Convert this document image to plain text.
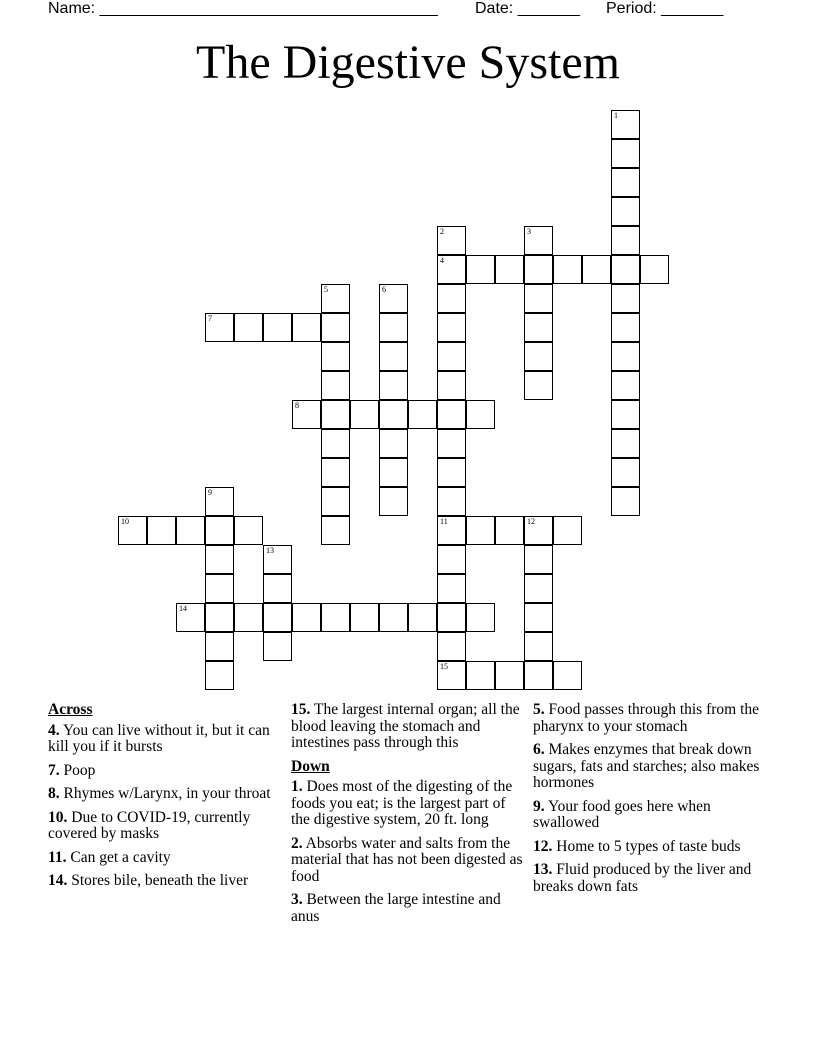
Name: ______________________________________ Date: _______ Period: _______
The Digestive System
1
2
4
11
15
3
5	6
7
8
9
10	12
13
14
Across
4. You can live without it, but it can kill you if it bursts
7. Poop
8. Rhymes w/Larynx, in your throat
10. Due to COVID-19, currently covered by masks
11. Can get a cavity
14. Stores bile, beneath the liver
15. The largest internal organ; all the blood leaving the stomach and intestines pass through this
Down
1. Does most of the digesting of the foods you eat; is the largest part of the digestive system, 20 ft. long
2. Absorbs water and salts from the material that has not been digested as food
3. Between the large intestine and anus
5. Food passes through this from the pharynx to your stomach
6. Makes enzymes that break down sugars, fats and starches; also makes hormones
9. Your food goes here when swallowed
12. Home to 5 types of taste buds
13. Fluid produced by the liver and breaks down fats
